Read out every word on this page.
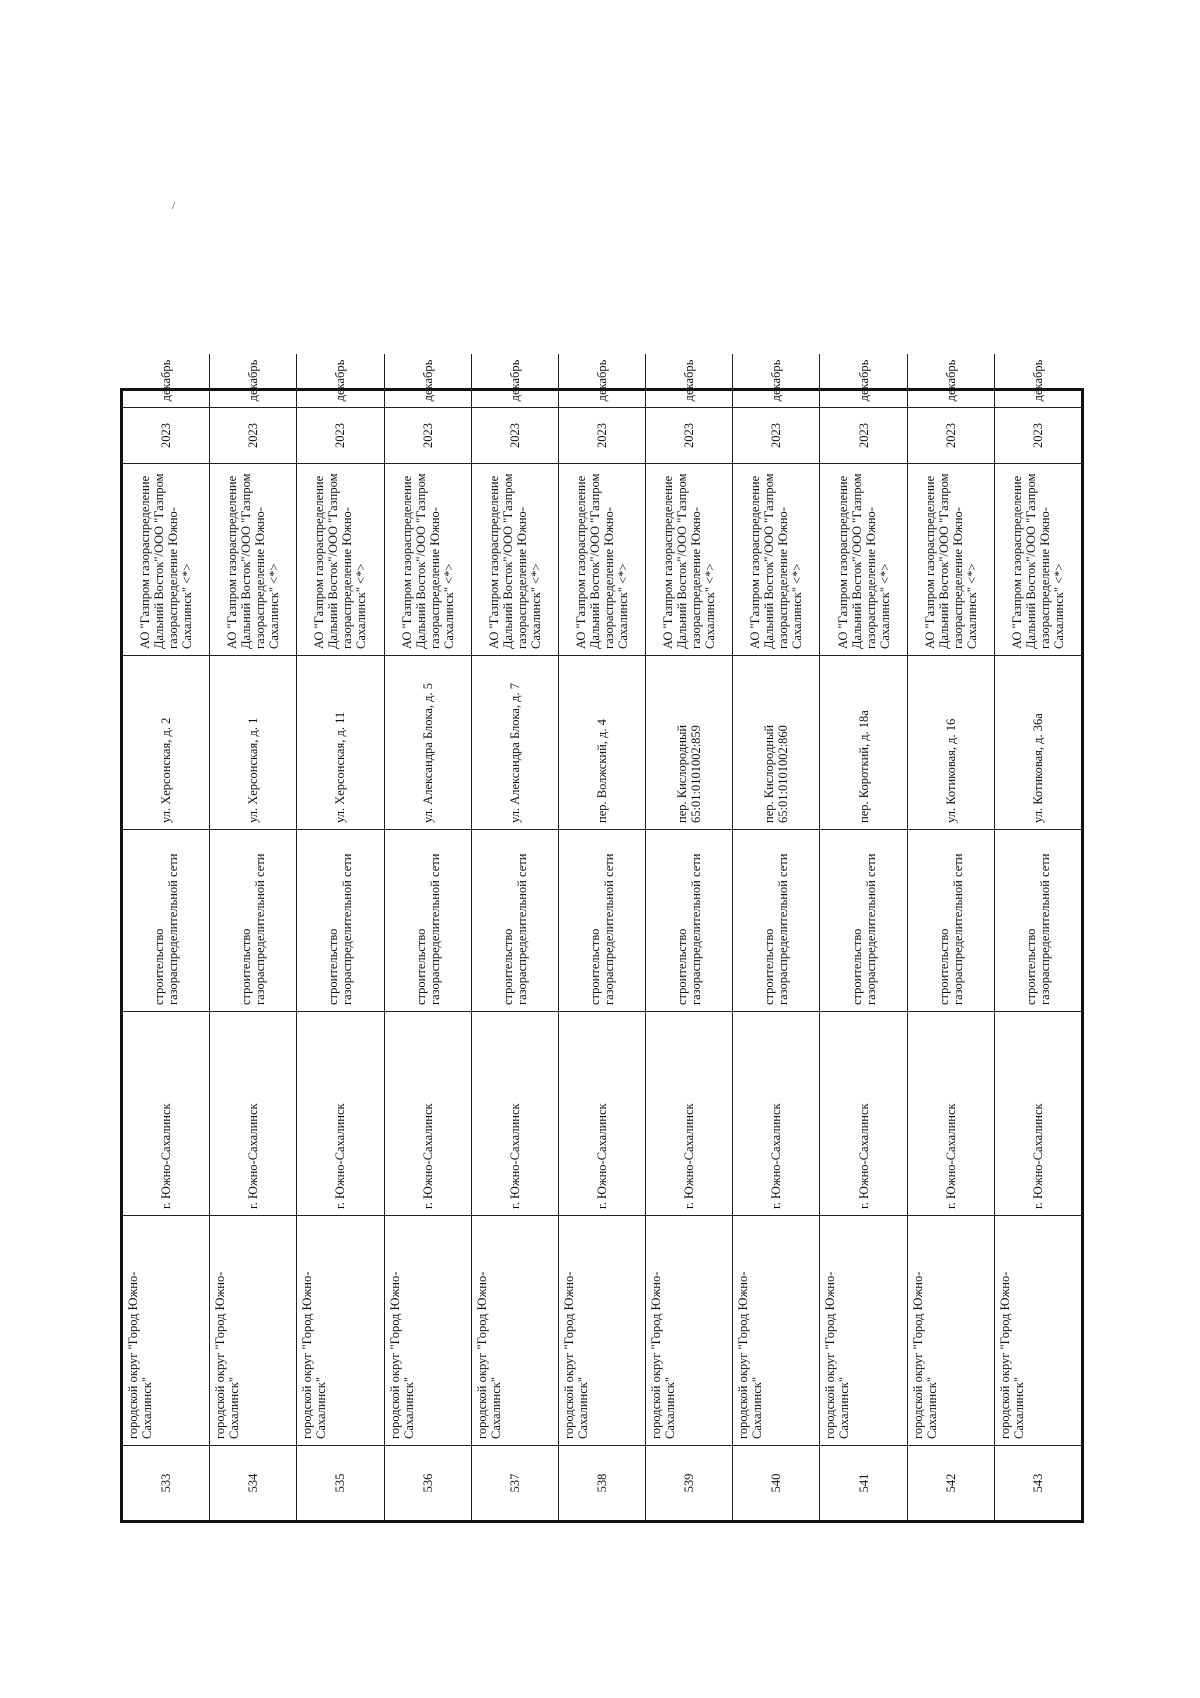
533
городской округ "Город Южно-Сахалинск"
г. Южно-Сахалинск
строительство газораспределительной сети
ул. Херсонская, д. 2
АО "Газпром газораспределение Дальний Восток"/ООО "Газпром газораспределение Южно-Сахалинск" <*>
2023
декабрь
534
городской округ "Город Южно-Сахалинск"
г. Южно-Сахалинск
строительство газораспределительной сети
ул. Херсонская, д. 1
АО "Газпром газораспределение Дальний Восток"/ООО "Газпром газораспределение Южно-Сахалинск" <*>
2023
декабрь
535
городской округ "Город Южно-Сахалинск"
г. Южно-Сахалинск
строительство газораспределительной сети
ул. Херсонская, д. 11
АО "Газпром газораспределение Дальний Восток"/ООО "Газпром газораспределение Южно-Сахалинск" <*>
2023
декабрь
536
городской округ "Город Южно-Сахалинск"
г. Южно-Сахалинск
строительство газораспределительной сети
ул. Александра Блока, д. 5
АО "Газпром газораспределение Дальний Восток"/ООО "Газпром газораспределение Южно-Сахалинск" <*>
2023
декабрь
537
городской округ "Город Южно-Сахалинск"
г. Южно-Сахалинск
строительство газораспределительной сети
ул. Александра Блока, д. 7
АО "Газпром газораспределение Дальний Восток"/ООО "Газпром газораспределение Южно-Сахалинск" <*>
2023
декабрь
538
городской округ "Город Южно-Сахалинск"
г. Южно-Сахалинск
строительство газораспределительной сети
пер. Волжский, д. 4
АО "Газпром газораспределение Дальний Восток"/ООО "Газпром газораспределение Южно-Сахалинск" <*>
2023
декабрь
539
городской округ "Город Южно-Сахалинск"
г. Южно-Сахалинск
строительство газораспределительной сети
пер. Кислородный 65:01:0101002:859
АО "Газпром газораспределение Дальний Восток"/ООО "Газпром газораспределение Южно-Сахалинск" <*>
2023
декабрь
540
городской округ "Город Южно-Сахалинск"
г. Южно-Сахалинск
строительство газораспределительной сети
пер. Кислородный 65:01:0101002:860
АО "Газпром газораспределение Дальний Восток"/ООО "Газпром газораспределение Южно-Сахалинск" <*>
2023
декабрь
541
городской округ "Город Южно-Сахалинск"
г. Южно-Сахалинск
строительство газораспределительной сети
пер. Короткий, д. 18а
АО "Газпром газораспределение Дальний Восток"/ООО "Газпром газораспределение Южно-Сахалинск" <*>
2023
декабрь
542
городской округ "Город Южно-Сахалинск"
г. Южно-Сахалинск
строительство газораспределительной сети
ул. Котиковая, д. 16
АО "Газпром газораспределение Дальний Восток"/ООО "Газпром газораспределение Южно-Сахалинск" <*>
2023
декабрь
543
городской округ "Город Южно-Сахалинск"
г. Южно-Сахалинск
строительство газораспределительной сети
ул. Котиковая, д. 36а
АО "Газпром газораспределение Дальний Восток"/ООО "Газпром газораспределение Южно-Сахалинск" <*>
2023
декабрь
/
